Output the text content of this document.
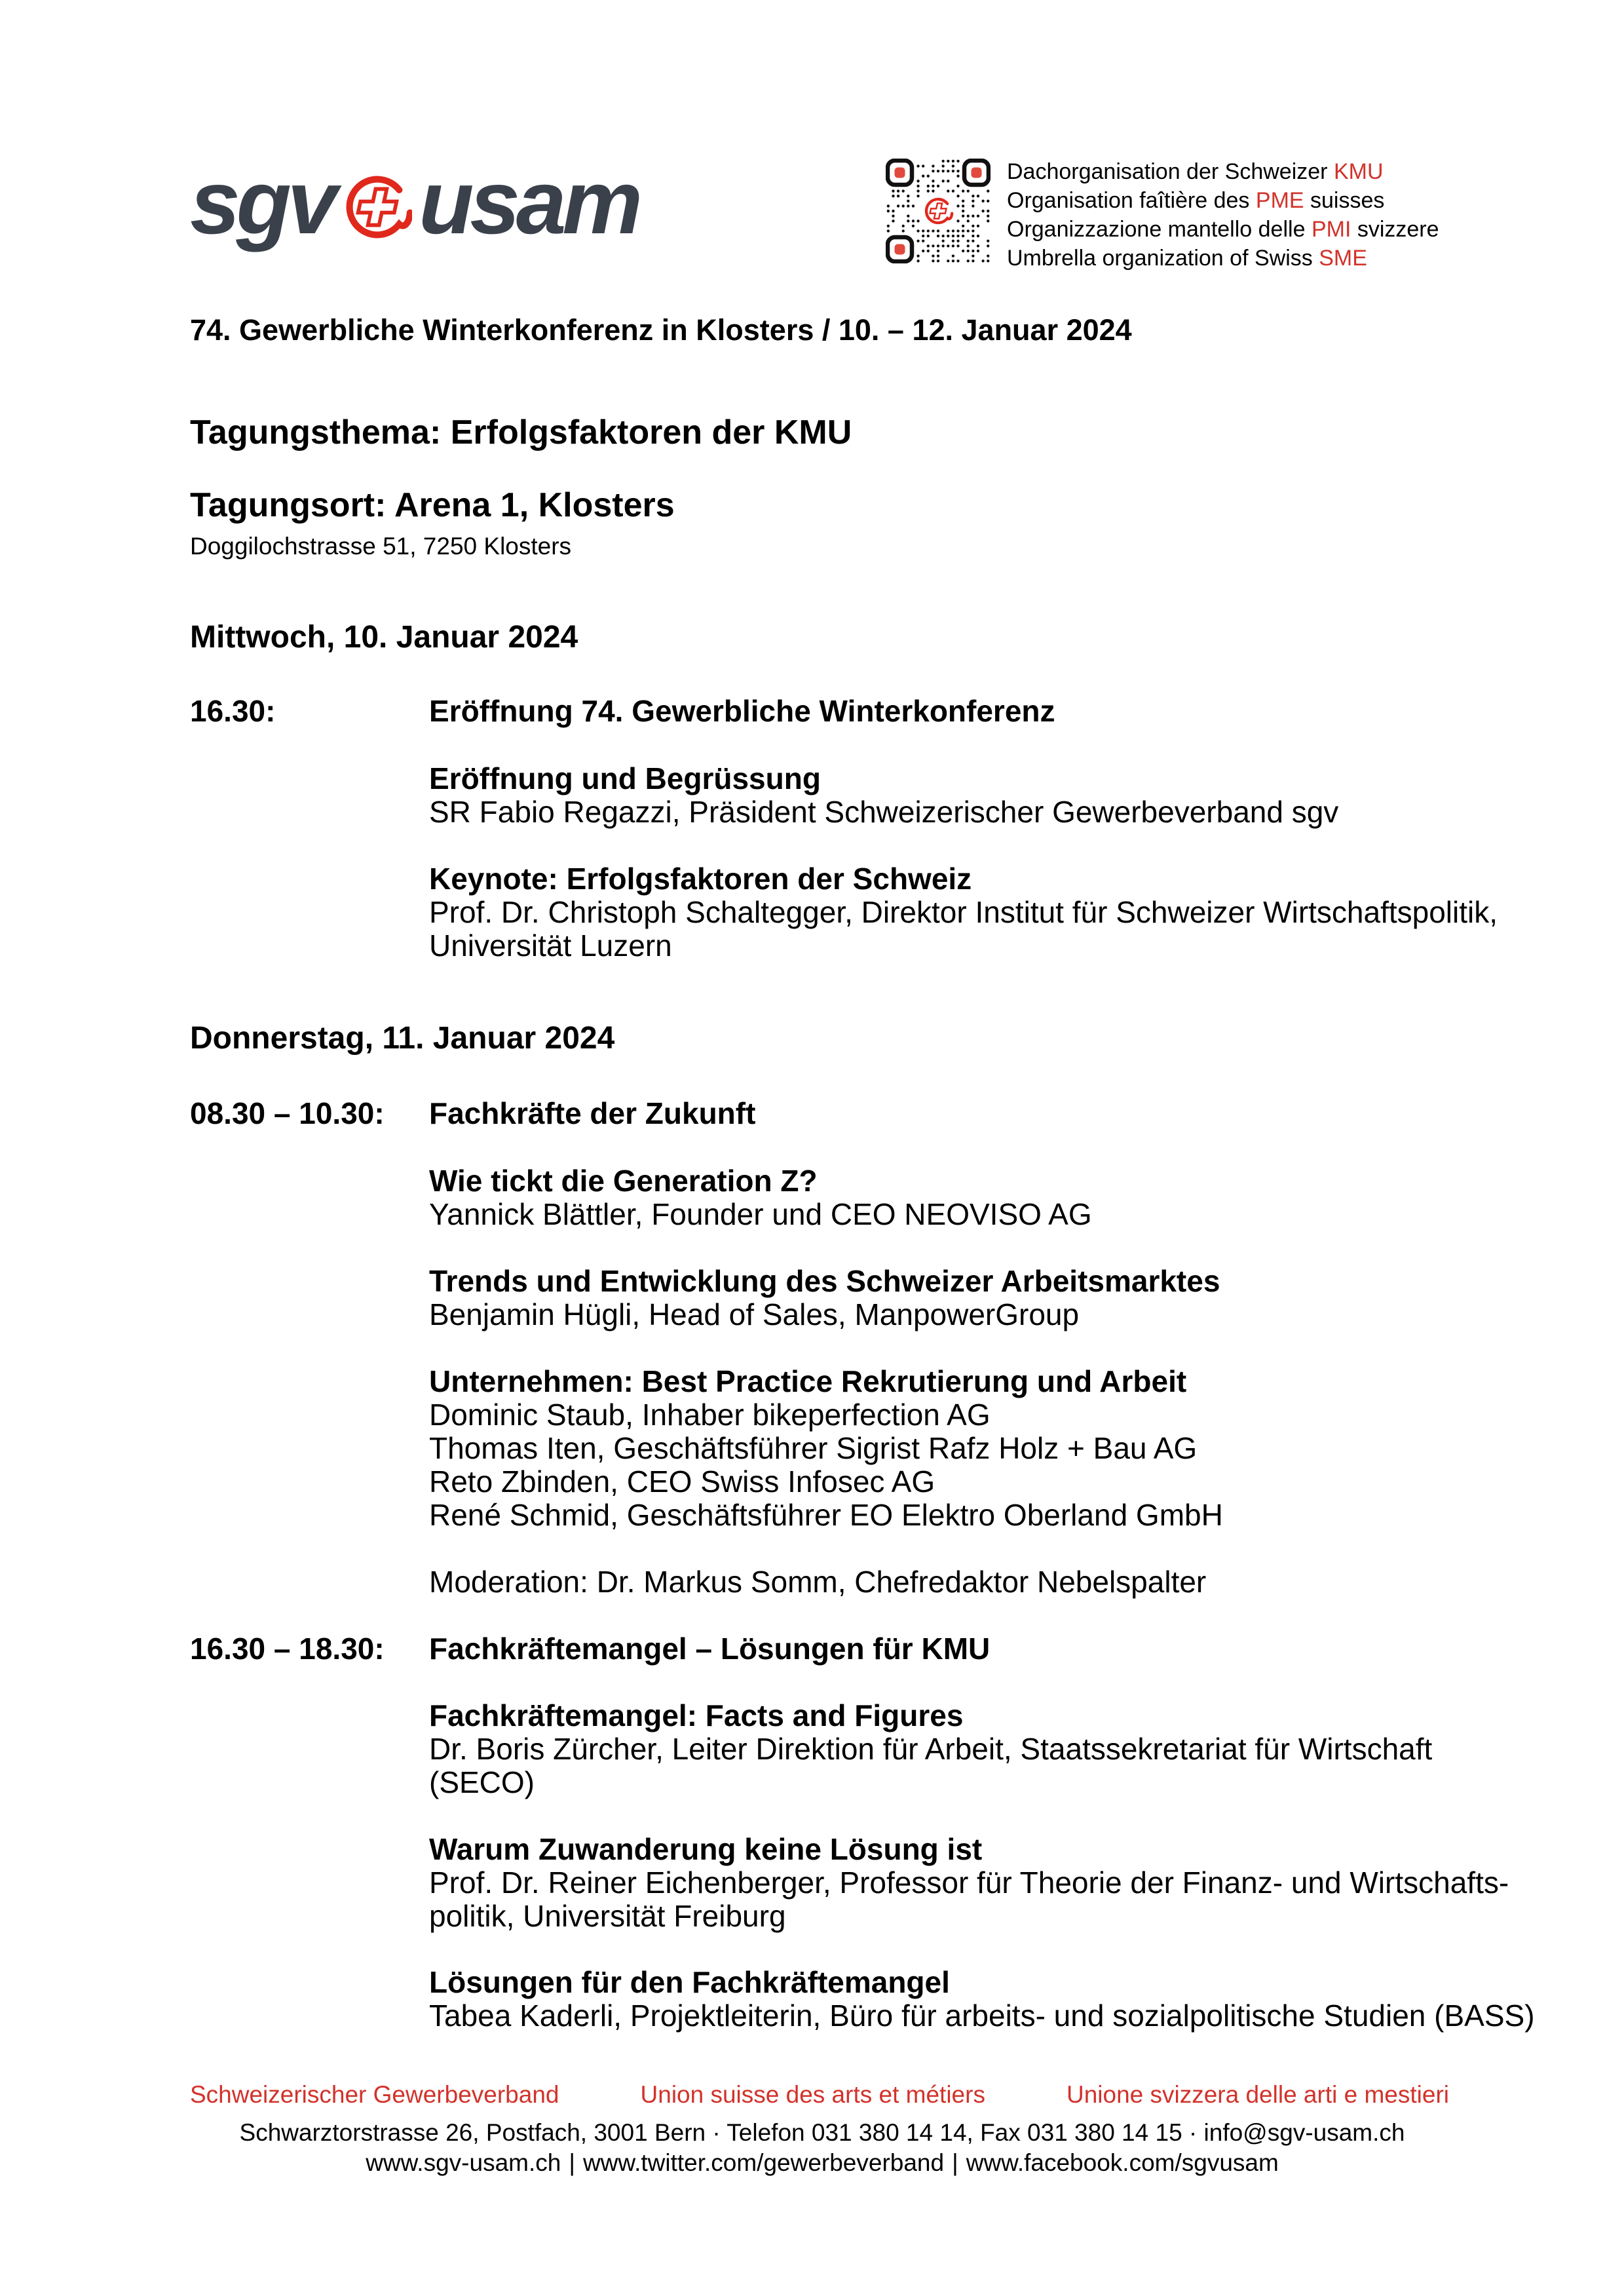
sgv usam	Dachorganisation der Schweizer KMU
Organisation faîtière des PME suisses
Organizzazione mantello delle PMI svizzere
Umbrella organization of Swiss SME
74. Gewerbliche Winterkonferenz in Klosters / 10. – 12. Januar 2024
Tagungsthema: Erfolgsfaktoren der KMU
Tagungsort: Arena 1, Klosters
Doggilochstrasse 51, 7250 Klosters
Mittwoch, 10. Januar 2024
16.30:	Eröffnung 74. Gewerbliche Winterkonferenz
Eröffnung und Begrüssung
SR Fabio Regazzi, Präsident Schweizerischer Gewerbeverband sgv
Keynote: Erfolgsfaktoren der Schweiz
Prof. Dr. Christoph Schaltegger, Direktor Institut für Schweizer Wirtschaftspolitik,
Universität Luzern
Donnerstag, 11. Januar 2024
08.30 – 10.30:	Fachkräfte der Zukunft
Wie tickt die Generation Z?
Yannick Blättler, Founder und CEO NEOVISO AG
Trends und Entwicklung des Schweizer Arbeitsmarktes
Benjamin Hügli, Head of Sales, ManpowerGroup
Unternehmen: Best Practice Rekrutierung und Arbeit
Dominic Staub, Inhaber bikeperfection AG
Thomas Iten, Geschäftsführer Sigrist Rafz Holz + Bau AG
Reto Zbinden, CEO Swiss Infosec AG
René Schmid, Geschäftsführer EO Elektro Oberland GmbH
Moderation: Dr. Markus Somm, Chefredaktor Nebelspalter
16.30 – 18.30:	Fachkräftemangel – Lösungen für KMU
Fachkräftemangel: Facts and Figures
Dr. Boris Zürcher, Leiter Direktion für Arbeit, Staatssekretariat für Wirtschaft
(SECO)
Warum Zuwanderung keine Lösung ist
Prof. Dr. Reiner Eichenberger, Professor für Theorie der Finanz- und Wirtschafts-
politik, Universität Freiburg
Lösungen für den Fachkräftemangel
Tabea Kaderli, Projektleiterin, Büro für arbeits- und sozialpolitische Studien (BASS)
Schweizerischer Gewerbeverband	Union suisse des arts et métiers	Unione svizzera delle arti e mestieri
Schwarztorstrasse 26, Postfach, 3001 Bern · Telefon 031 380 14 14, Fax 031 380 14 15 · info@sgv-usam.ch
www.sgv-usam.ch | www.twitter.com/gewerbeverband | www.facebook.com/sgvusam
